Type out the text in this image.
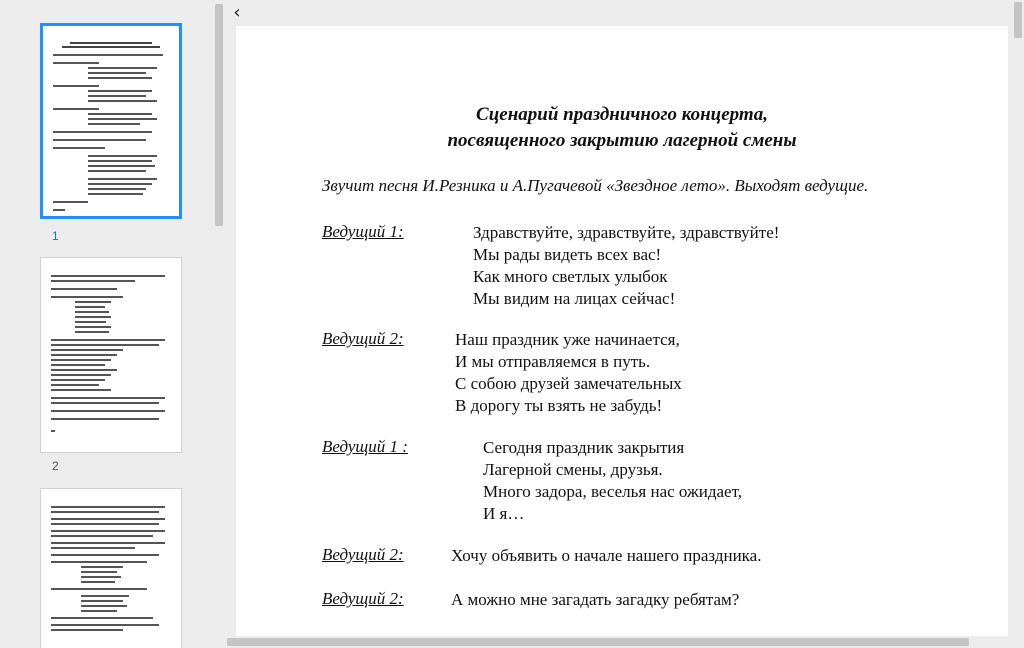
1
2
‹
Сценарий праздничного концерта,
посвященного закрытию лагерной смены
Звучит песня И.Резника и А.Пугачевой «Звездное лето». Выходят ведущие.
Ведущий 1:	Здравствуйте, здравствуйте, здравствуйте!
Мы рады видеть всех вас!
Как много светлых улыбок
Мы видим на лицах сейчас!
Ведущий 2:	Наш праздник уже начинается,
И мы отправляемся в путь.
С собою друзей замечательных
В дорогу ты взять не забудь!
Ведущий 1 :	Сегодня праздник закрытия
Лагерной смены, друзья.
Много задора, веселья нас ожидает,
И я…
Ведущий 2:	Хочу объявить о начале нашего праздника.
Ведущий 2:	А можно мне загадать загадку ребятам?
